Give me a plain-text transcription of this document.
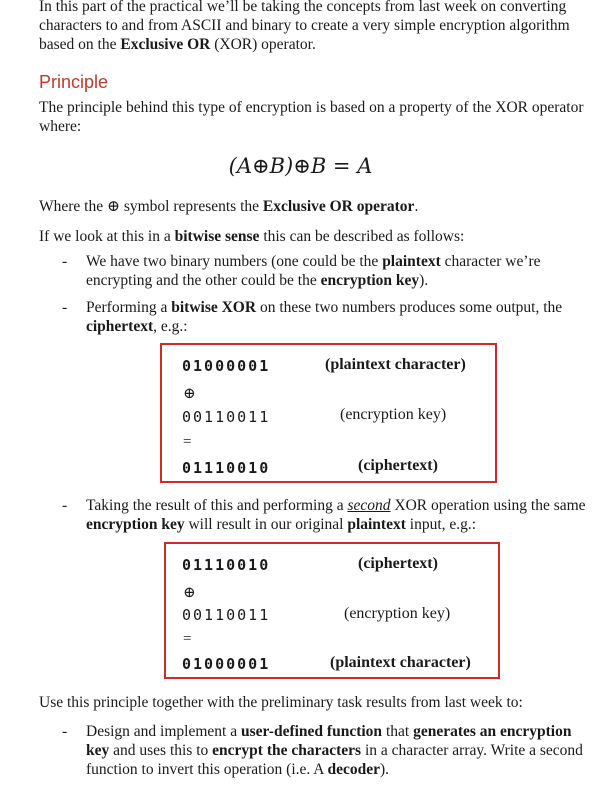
In this part of the practical we’ll be taking the concepts from last week on converting characters to and from ASCII and binary to create a very simple encryption algorithm based on the Exclusive OR (XOR) operator.

Principle

The principle behind this type of encryption is based on a property of the XOR operator where:

(A⊕B)⊕B = A

Where the ⊕ symbol represents the Exclusive OR operator.

If we look at this in a bitwise sense this can be described as follows:

- We have two binary numbers (one could be the plaintext character we’re encrypting and the other could be the encryption key).

- Performing a bitwise XOR on these two numbers produces some output, the ciphertext, e.g.:

01000001	(plaintext character)
⊕
00110011	(encryption key)
=
01110010	(ciphertext)

- Taking the result of this and performing a second XOR operation using the same encryption key will result in our original plaintext input, e.g.:

01110010	(ciphertext)
⊕
00110011	(encryption key)
=
01000001	(plaintext character)

Use this principle together with the preliminary task results from last week to:

- Design and implement a user-defined function that generates an encryption key and uses this to encrypt the characters in a character array. Write a second function to invert this operation (i.e. A decoder).
